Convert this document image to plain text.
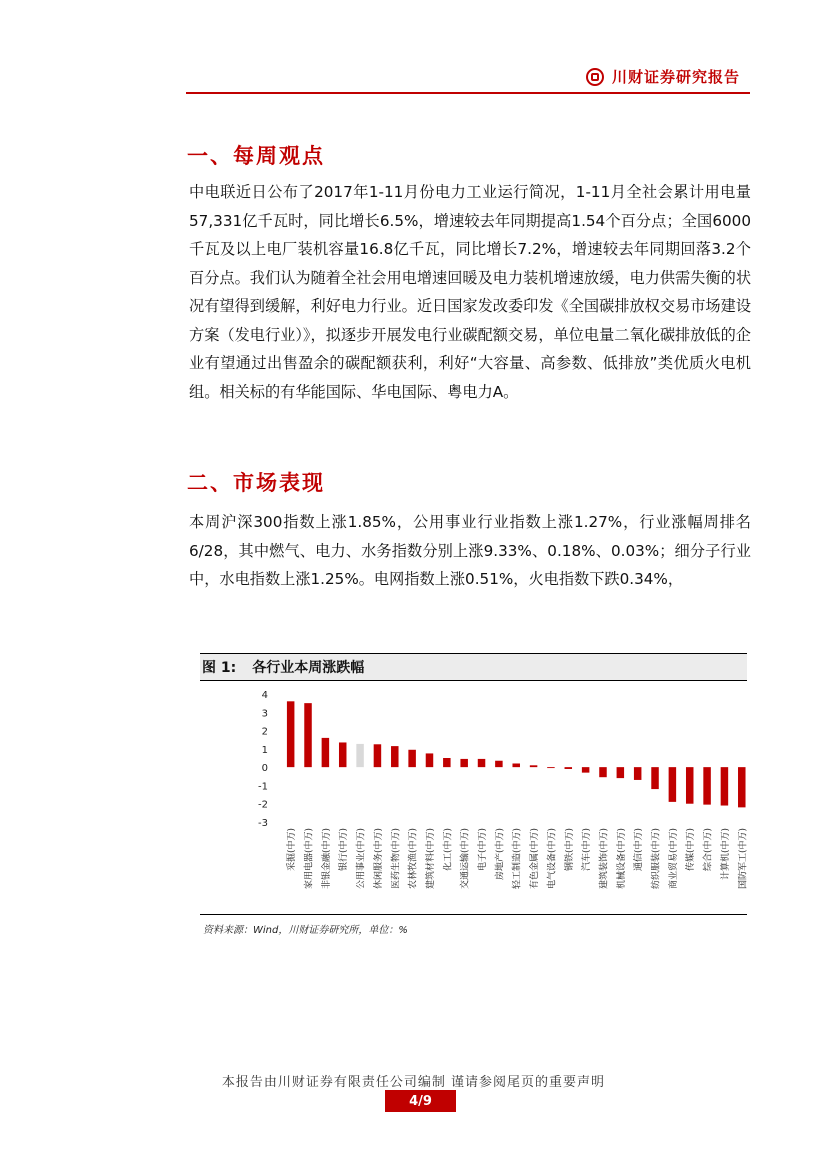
川财证券研究报告
一、每周观点
中电联近日公布了2017年1-11月份电力工业运行简况，1-11月全社会累计用电量57,331亿千瓦时，同比增长6.5%，增速较去年同期提高1.54个百分点；全国6000千瓦及以上电厂装机容量16.8亿千瓦，同比增长7.2%，增速较去年同期回落3.2个百分点。我们认为随着全社会用电增速回暖及电力装机增速放缓，电力供需失衡的状况有望得到缓解，利好电力行业。近日国家发改委印发《全国碳排放权交易市场建设方案（发电行业）》，拟逐步开展发电行业碳配额交易，单位电量二氧化碳排放低的企业有望通过出售盈余的碳配额获利，利好“大容量、高参数、低排放”类优质火电机组。相关标的有华能国际、华电国际、粤电力A。
二、市场表现
本周沪深300指数上涨1.85%，公用事业行业指数上涨1.27%，行业涨幅周排名6/28，其中燃气、电力、水务指数分别上涨9.33%、0.18%、0.03%；细分子行业中，水电指数上涨1.25%。电网指数上涨0.51%，火电指数下跌0.34%，
图 1: 各行业本周涨跌幅
4
3
2
1
0
-1
-2
-3
采掘(中万) 家用电器(中万) 非银金融(中万) 银行(中万) 公用事业(中万) 休闲服务(中万) 医药生物(中万) 农林牧渔(中万) 建筑材料(中万) 化工(中万) 交通运输(中万) 电子(中万) 房地产(中万) 轻工制造(中万) 有色金属(中万) 电气设备(中万) 钢铁(中万) 汽车(中万) 建筑装饰(中万) 机械设备(中万) 通信(中万) 纺织服装(中万) 商业贸易(中万) 传媒(中万) 综合(中万) 计算机(中万) 国防军工(中万)
资料来源：Wind，川财证券研究所，单位：%
本报告由川财证券有限责任公司编制 谨请参阅尾页的重要声明
4/9
